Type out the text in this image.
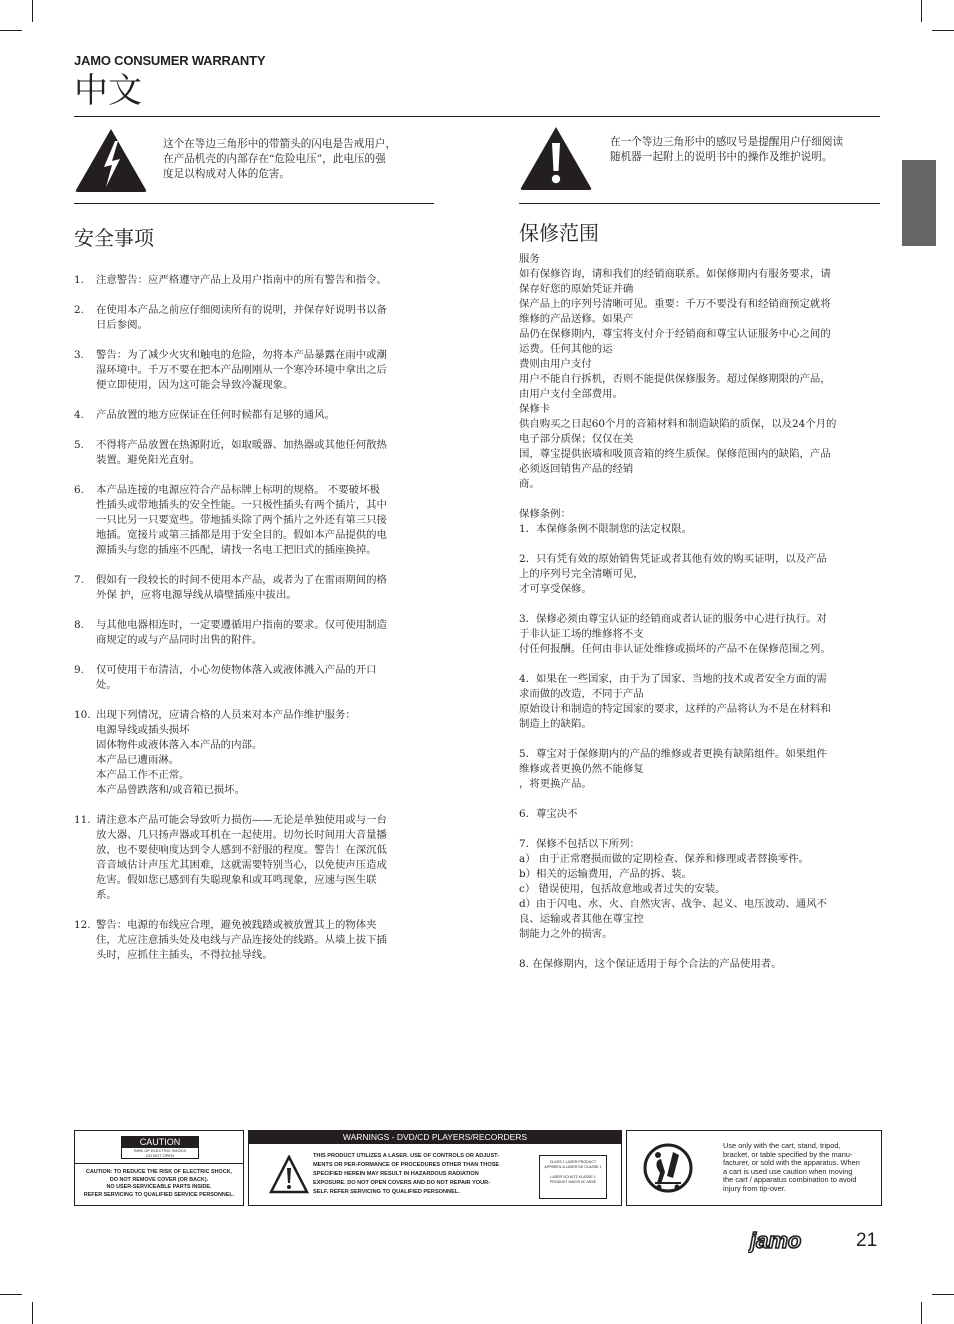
JAMO CONSUMER WARRANTY
中文
这个在等边三角形中的带箭头的闪电是告戒用户，
在产品机壳的内部存在“危险电压”，此电压的强
度足以构成对人体的危害。
在一个等边三角形中的感叹号是提醒用户仔细阅读
随机器一起附上的说明书中的操作及维护说明。
安全事项
1. 注意警告：应严格遵守产品上及用户指南中的所有警告和指令。
2. 在使用本产品之前应仔细阅读所有的说明，并保存好说明书以备
日后参阅。
3. 警告：为了减少火灾和触电的危险，勿将本产品暴露在雨中或潮
湿环境中。千万不要在把本产品刚刚从一个寒冷环境中拿出之后
便立即使用，因为这可能会导致冷凝现象。
4. 产品放置的地方应保证在任何时候都有足够的通风。
5. 不得将产品放置在热源附近，如取暖器、加热器或其他任何散热
装置。避免阳光直射。
6. 本产品连接的电源应符合产品标牌上标明的规格。 不要破坏极
性插头或带地插头的安全性能。一只极性插头有两个插片，其中
一只比另一只要宽些。带地插头除了两个插片之外还有第三只接
地插。宽接片或第三插都是用于安全目的。假如本产品提供的电
源插头与您的插座不匹配，请找一名电工把旧式的插座换掉。
7. 假如有一段较长的时间不使用本产品，或者为了在雷雨期间的格
外保 护，应将电源导线从墙壁插座中拔出。
8. 与其他电器相连时，一定要遵循用户指南的要求。仅可使用制造
商规定的或与产品同时出售的附件。
9. 仅可使用干布清洁，小心勿使物体落入或液体溅入产品的开口
处。
10. 出现下列情况，应请合格的人员来对本产品作维护服务：
电源导线或插头损坏
固体物件或液体落入本产品的内部。
本产品已遭雨淋。
本产品工作不正常。
本产品曾跌落和/或音箱已损坏。
11. 请注意本产品可能会导致听力损伤——无论是单独使用或与一台
放大器、几只扬声器或耳机在一起使用。切勿长时间用大音量播
放，也不要使响度达到令人感到不舒服的程度。警告！在深沉低
音音域估计声压尤其困难，这就需要特别当心，以免使声压造成
危害。假如您已感到有失聪现象和或耳鸣现象，应速与医生联
系。
12. 警告：电源的布线应合理，避免被践踏或被放置其上的物体夹
住，尤应注意插头处及电线与产品连接处的线路。从墙上拔下插
头时，应抓住主插头，不得拉扯导线。
保修范围

服务

如有保修咨询，请和我们的经销商联系。如保修期内有服务要求，请

保存好您的原始凭证并确

保产品上的序列号清晰可见。重要：千万不要没有和经销商预定就将

维修的产品送修。如果产

品仍在保修期内，尊宝将支付介于经销商和尊宝认证服务中心之间的

运费。任何其他的运

费则由用户支付

用户不能自行拆机，否则不能提供保修服务。超过保修期限的产品，

由用户支付全部费用。

保修卡

供自购买之日起60个月的音箱材料和制造缺陷的质保，以及24个月的

电子部分质保；仅仅在美

国，尊宝提供嵌墙和吸顶音箱的终生质保。保修范围内的缺陷，产品

必须返回销售产品的经销

商。

保修条例：

1．本保修条例不限制您的法定权限。

2．只有凭有效的原始销售凭证或者其他有效的购买证明，以及产品

上的序列号完全清晰可见，

才可享受保修。

3．保修必须由尊宝认证的经销商或者认证的服务中心进行执行。对

于非认证工场的维修将不支

付任何报酬。任何由非认证处维修或损坏的产品不在保修范围之列。

4．如果在一些国家，由于为了国家、当地的技术或者安全方面的需

求而做的改造，不同于产品

原始设计和制造的特定国家的要求，这样的产品将认为不是在材料和

制造上的缺陷。

5．尊宝对于保修期内的产品的维修或者更换有缺陷组件。如果组件

维修或者更换仍然不能修复

，将更换产品。

6．尊宝决不

7．保修不包括以下所列：

a） 由于正常磨损而做的定期检查、保养和修理或者替换零件。

b）相关的运输费用，产品的拆、装。

c） 错误使用，包括故意地或者过失的安装。

d）由于闪电、水、火、自然灾害、战争、起义、电压波动、通风不

良、运输或者其他在尊宝控

制能力之外的损害。

8. 在保修期内，这个保证适用于每个合法的产品使用者。

CAUTION
RISK OF ELECTRIC SHOCK
DO NOT OPEN
CAUTION: TO REDUCE THE RISK OF ELECTRIC SHOCK,
DO NOT REMOVE COVER (OR BACK).
NO USER-SERVICEABLE PARTS INSIDE.
REFER SERVICING TO QUALIFIED SERVICE PERSONNEL.
WARNINGS - DVD/CD PLAYERS/RECORDERS
THIS PRODUCT UTILIZES A LASER. USE OF CONTROLS OR ADJUST-
MENTS OR PER-FORMANCE OF PROCEDURES OTHER THAN THOSE
SPECIFIED HEREIN MAY RESULT IN HAZARDOUS RADIATION
EXPOSURE. DO NOT OPEN COVERS AND DO NOT REPAIR YOUR-
SELF. REFER SERVICING TO QUALIFIED PERSONNEL.
CLASS 1 LASER PRODUCT
APPAREIL A LASER DE CLASSE 1
LASER SCHUTZ KLASSE 1
PRODUKT MACHI IIC ASSE
Use only with the cart, stand, tripod,
bracket, or table specified by the manu-
facturer, or sold with the apparatus. When
a cart is used use caution when moving
the cart / apparatus combination to avoid
injury from tip-over.
jamo	21
